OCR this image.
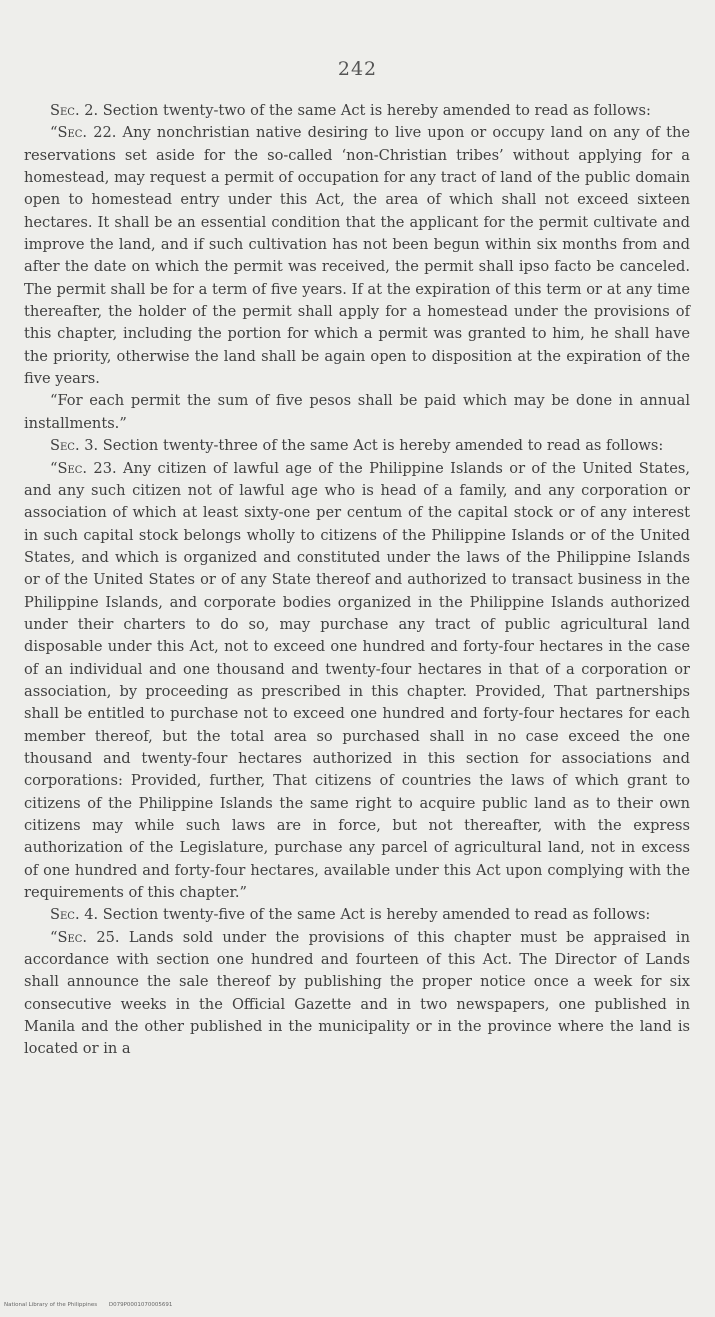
242

Sec. 2. Section twenty-two of the same Act is hereby amended to read as follows:

“Sec. 22. Any nonchristian native desiring to live upon or occupy land on any of the reservations set aside for the so-called ‘non-Christian tribes’ without applying for a homestead, may request a permit of occupation for any tract of land of the public domain open to homestead entry under this Act, the area of which shall not exceed sixteen hectares. It shall be an essential condition that the applicant for the permit cultivate and improve the land, and if such cultivation has not been begun within six months from and after the date on which the permit was received, the permit shall ipso facto be canceled. The permit shall be for a term of five years. If at the expiration of this term or at any time thereafter, the holder of the permit shall apply for a homestead under the provisions of this chapter, including the portion for which a permit was granted to him, he shall have the priority, otherwise the land shall be again open to disposition at the expiration of the five years.

“For each permit the sum of five pesos shall be paid which may be done in annual installments.”

Sec. 3. Section twenty-three of the same Act is hereby amended to read as follows:

“Sec. 23. Any citizen of lawful age of the Philippine Islands or of the United States, and any such citizen not of lawful age who is head of a family, and any corporation or association of which at least sixty-one per centum of the capital stock or of any interest in such capital stock belongs wholly to citizens of the Philippine Islands or of the United States, and which is organized and constituted under the laws of the Philippine Islands or of the United States or of any State thereof and authorized to transact business in the Philippine Islands, and corporate bodies organized in the Philippine Islands authorized under their charters to do so, may purchase any tract of public agricultural land disposable under this Act, not to exceed one hundred and forty-four hectares in the case of an individual and one thousand and twenty-four hectares in that of a corporation or association, by proceeding as prescribed in this chapter. Provided, That partnerships shall be entitled to purchase not to exceed one hundred and forty-four hectares for each member thereof, but the total area so purchased shall in no case exceed the one thousand and twenty-four hectares authorized in this section for associations and corporations: Provided, further, That citizens of countries the laws of which grant to citizens of the Philippine Islands the same right to acquire public land as to their own citizens may while such laws are in force, but not thereafter, with the express authorization of the Legislature, purchase any parcel of agricultural land, not in excess of one hundred and forty-four hectares, available under this Act upon complying with the requirements of this chapter.”

Sec. 4. Section twenty-five of the same Act is hereby amended to read as follows:

“Sec. 25. Lands sold under the provisions of this chapter must be appraised in accordance with section one hundred and fourteen of this Act. The Director of Lands shall announce the sale thereof by publishing the proper notice once a week for six consecutive weeks in the Official Gazette and in two newspapers, one published in Manila and the other published in the municipality or in the province where the land is located or in a

National Library of the Philippines D079P0001070005691
